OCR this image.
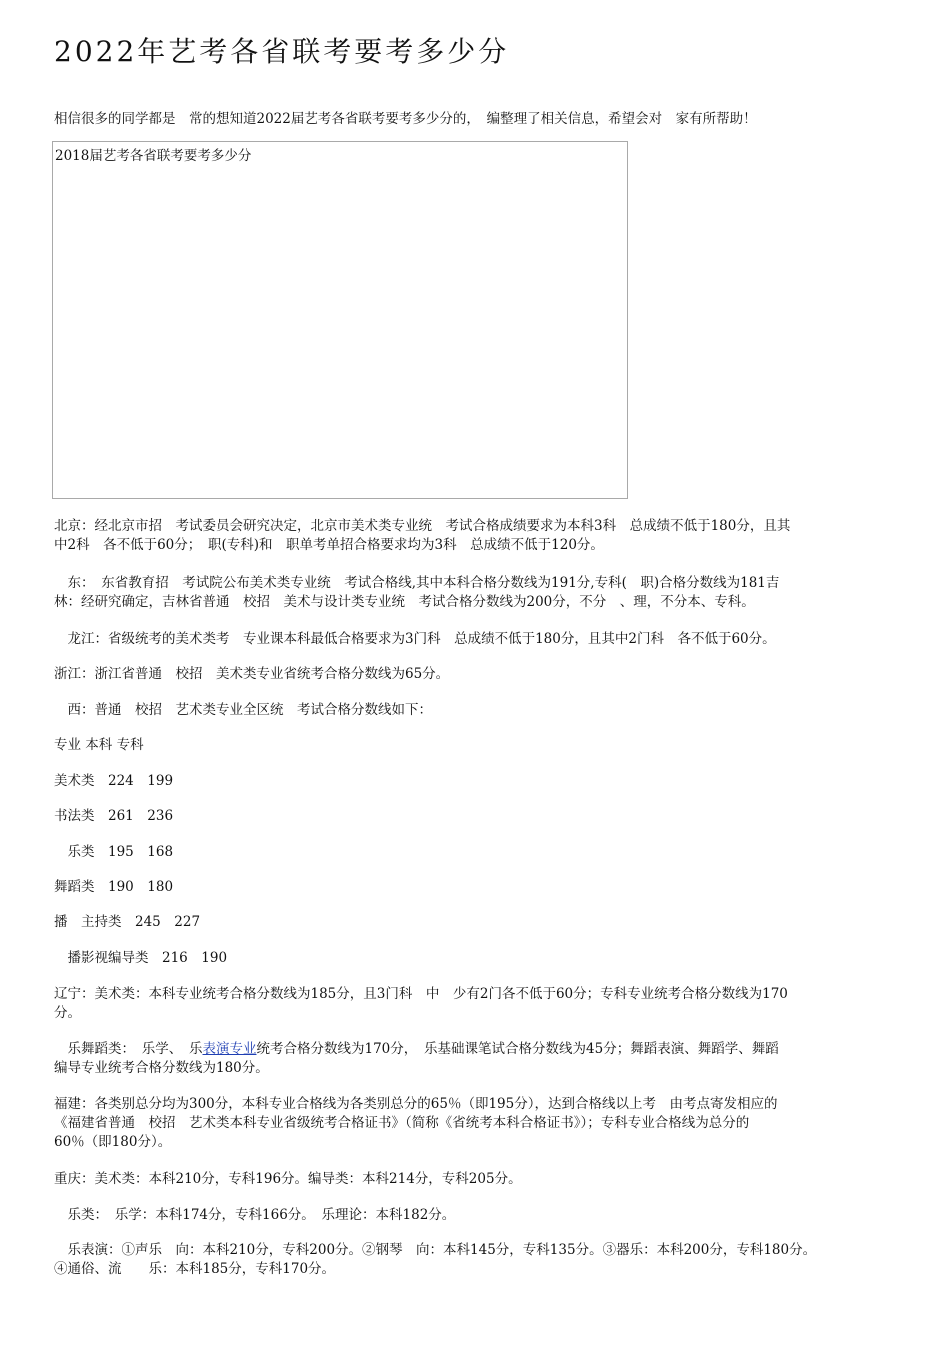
2022年艺考各省联考要考多少分
相信很多的同学都是　常的想知道2022届艺考各省联考要考多少分的，　编整理了相关信息，希望会对　家有所帮助！
2018届艺考各省联考要考多少分
北京：经北京市招　考试委员会研究决定，北京市美术类专业统　考试合格成绩要求为本科3科　总成绩不低于180分，且其
中2科　各不低于60分；　职(专科)和　职单考单招合格要求均为3科　总成绩不低于120分。
　东：　东省教育招　考试院公布美术类专业统　考试合格线,其中本科合格分数线为191分,专科(　职)合格分数线为181吉
林：经研究确定，吉林省普通　校招　美术与设计类专业统　考试合格分数线为200分，不分　、理，不分本、专科。
　龙江：省级统考的美术类考　专业课本科最低合格要求为3门科　总成绩不低于180分，且其中2门科　各不低于60分。
浙江：浙江省普通　校招　美术类专业省统考合格分数线为65分。
　西：普通　校招　艺术类专业全区统　考试合格分数线如下：
专业 本科 专科
美术类　224　199
书法类　261　236
　乐类　195　168
舞蹈类　190　180
播　主持类　245　227
　播影视编导类　216　190
辽宁：美术类：本科专业统考合格分数线为185分，且3门科　中　少有2门各不低于60分；专科专业统考合格分数线为170
分。
　乐舞蹈类：　乐学、　乐表演专业统考合格分数线为170分，　乐基础课笔试合格分数线为45分；舞蹈表演、舞蹈学、舞蹈
编导专业统考合格分数线为180分。
福建：各类别总分均为300分，本科专业合格线为各类别总分的65％（即195分），达到合格线以上考　由考点寄发相应的
《福建省普通　校招　艺术类本科专业省级统考合格证书》（简称《省统考本科合格证书》）；专科专业合格线为总分的
60％（即180分）。
重庆：美术类：本科210分，专科196分。编导类：本科214分，专科205分。
　乐类：　乐学：本科174分，专科166分。　乐理论：本科182分。
　乐表演：①声乐　向：本科210分，专科200分。②钢琴　向：本科145分，专科135分。③器乐：本科200分，专科180分。
④通俗、流　　乐：本科185分，专科170分。
